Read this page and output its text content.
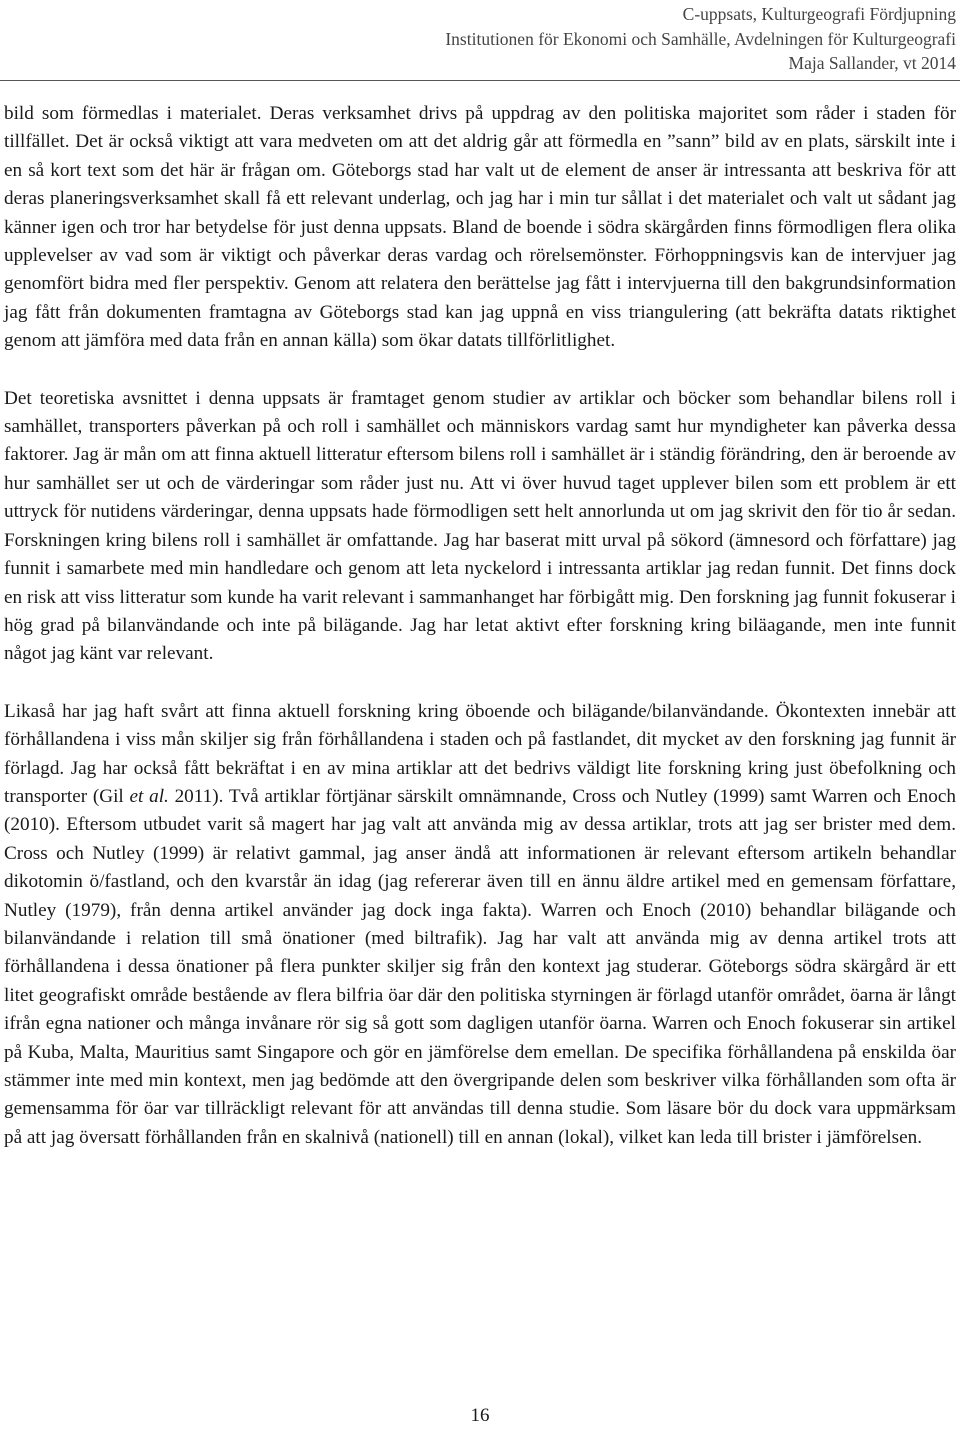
C-uppsats, Kulturgeografi Fördjupning
Institutionen för Ekonomi och Samhälle, Avdelningen för Kulturgeografi
Maja Sallander, vt 2014

bild som förmedlas i materialet. Deras verksamhet drivs på uppdrag av den politiska majoritet som råder i staden för tillfället. Det är också viktigt att vara medveten om att det aldrig går att förmedla en ”sann” bild av en plats, särskilt inte i en så kort text som det här är frågan om. Göteborgs stad har valt ut de element de anser är intressanta att beskriva för att deras planeringsverksamhet skall få ett relevant underlag, och jag har i min tur sållat i det materialet och valt ut sådant jag känner igen och tror har betydelse för just denna uppsats. Bland de boende i södra skärgården finns förmodligen flera olika upplevelser av vad som är viktigt och påverkar deras vardag och rörelsemönster. Förhoppningsvis kan de intervjuer jag genomfört bidra med fler perspektiv. Genom att relatera den berättelse jag fått i intervjuerna till den bakgrundsinformation jag fått från dokumenten framtagna av Göteborgs stad kan jag uppnå en viss triangulering (att bekräfta datats riktighet genom att jämföra med data från en annan källa) som ökar datats tillförlitlighet.

Det teoretiska avsnittet i denna uppsats är framtaget genom studier av artiklar och böcker som behandlar bilens roll i samhället, transporters påverkan på och roll i samhället och människors vardag samt hur myndigheter kan påverka dessa faktorer. Jag är mån om att finna aktuell litteratur eftersom bilens roll i samhället är i ständig förändring, den är beroende av hur samhället ser ut och de värderingar som råder just nu. Att vi över huvud taget upplever bilen som ett problem är ett uttryck för nutidens värderingar, denna uppsats hade förmodligen sett helt annorlunda ut om jag skrivit den för tio år sedan. Forskningen kring bilens roll i samhället är omfattande. Jag har baserat mitt urval på sökord (ämnesord och författare) jag funnit i samarbete med min handledare och genom att leta nyckelord i intressanta artiklar jag redan funnit. Det finns dock en risk att viss litteratur som kunde ha varit relevant i sammanhanget har förbigått mig. Den forskning jag funnit fokuserar i hög grad på bilanvändande och inte på bilägande. Jag har letat aktivt efter forskning kring biläagande, men inte funnit något jag känt var relevant.

Likaså har jag haft svårt att finna aktuell forskning kring öboende och bilägande/bilanvändande. Ökontexten innebär att förhållandena i viss mån skiljer sig från förhållandena i staden och på fastlandet, dit mycket av den forskning jag funnit är förlagd. Jag har också fått bekräftat i en av mina artiklar att det bedrivs väldigt lite forskning kring just öbefolkning och transporter (Gil et al. 2011). Två artiklar förtjänar särskilt omnämnande, Cross och Nutley (1999) samt Warren och Enoch (2010). Eftersom utbudet varit så magert har jag valt att använda mig av dessa artiklar, trots att jag ser brister med dem. Cross och Nutley (1999) är relativt gammal, jag anser ändå att informationen är relevant eftersom artikeln behandlar dikotomin ö/fastland, och den kvarstår än idag (jag refererar även till en ännu äldre artikel med en gemensam författare, Nutley (1979), från denna artikel använder jag dock inga fakta). Warren och Enoch (2010) behandlar bilägande och bilanvändande i relation till små önationer (med biltrafik). Jag har valt att använda mig av denna artikel trots att förhållandena i dessa önationer på flera punkter skiljer sig från den kontext jag studerar. Göteborgs södra skärgård är ett litet geografiskt område bestående av flera bilfria öar där den politiska styrningen är förlagd utanför området, öarna är långt ifrån egna nationer och många invånare rör sig så gott som dagligen utanför öarna. Warren och Enoch fokuserar sin artikel på Kuba, Malta, Mauritius samt Singapore och gör en jämförelse dem emellan. De specifika förhållandena på enskilda öar stämmer inte med min kontext, men jag bedömde att den övergripande delen som beskriver vilka förhållanden som ofta är gemensamma för öar var tillräckligt relevant för att användas till denna studie. Som läsare bör du dock vara uppmärksam på att jag översatt förhållanden från en skalnivå (nationell) till en annan (lokal), vilket kan leda till brister i jämförelsen.

16
